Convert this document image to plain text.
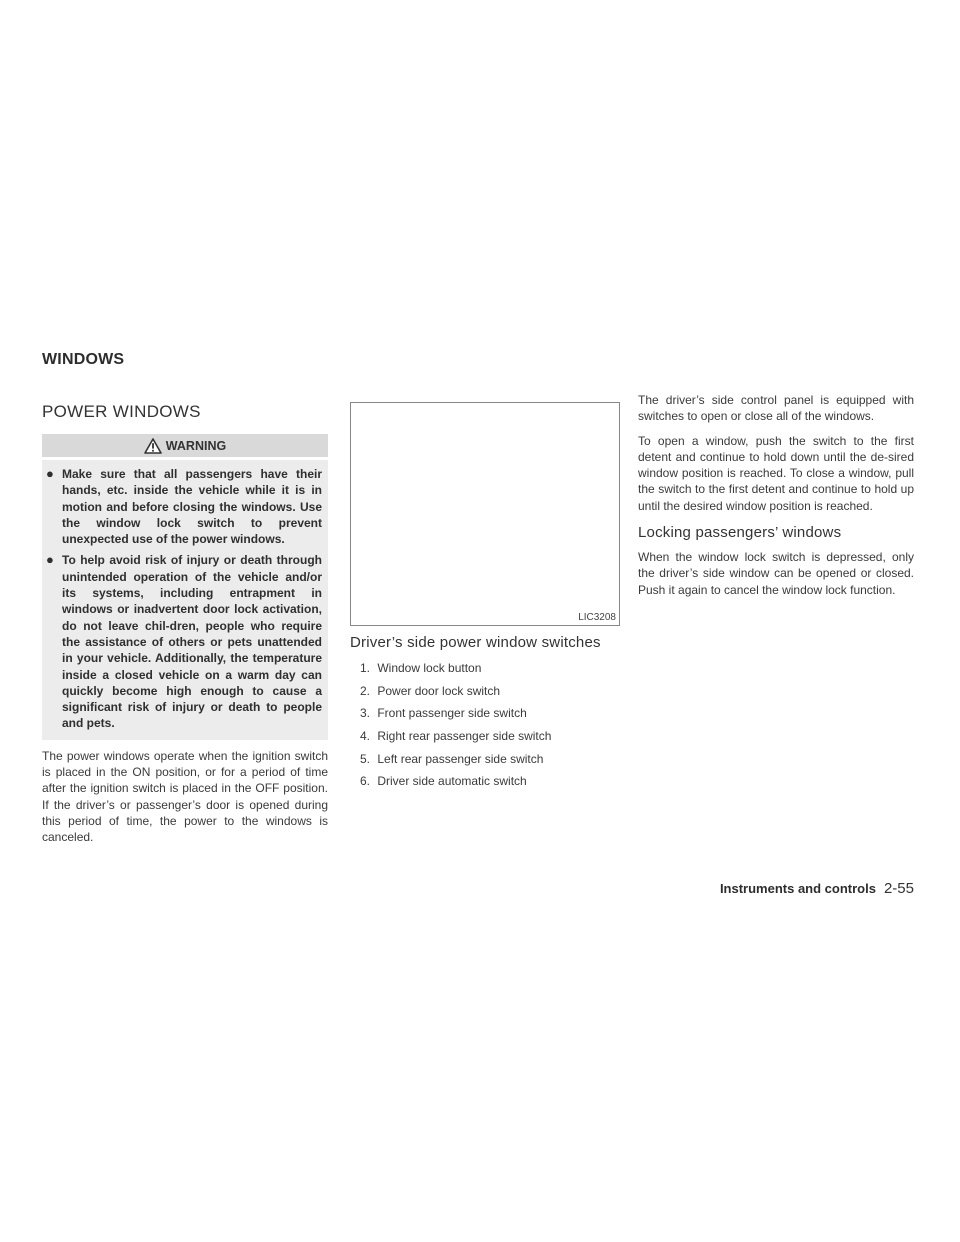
WINDOWS
POWER WINDOWS
WARNING
● Make sure that all passengers have their hands, etc. inside the vehicle while it is in motion and before closing the windows. Use the window lock switch to prevent unexpected use of the power windows.
● To help avoid risk of injury or death through unintended operation of the vehicle and/or its systems, including entrapment in windows or inadvertent door lock activation, do not leave chil-dren, people who require the assistance of others or pets unattended in your vehicle. Additionally, the temperature inside a closed vehicle on a warm day can quickly become high enough to cause a significant risk of injury or death to people and pets.

The power windows operate when the ignition switch is placed in the ON position, or for a period of time after the ignition switch is placed in the OFF position. If the driver’s or passenger’s door is opened during this period of time, the power to the windows is canceled.

LIC3208
Driver’s side power window switches
1. Window lock button
2. Power door lock switch
3. Front passenger side switch
4. Right rear passenger side switch
5. Left rear passenger side switch
6. Driver side automatic switch

The driver’s side control panel is equipped with switches to open or close all of the windows.

To open a window, push the switch to the first detent and continue to hold down until the de-sired window position is reached. To close a window, pull the switch to the first detent and continue to hold up until the desired window position is reached.

Locking passengers’ windows

When the window lock switch is depressed, only the driver’s side window can be opened or closed. Push it again to cancel the window lock function.

Instruments and controls 2-55
